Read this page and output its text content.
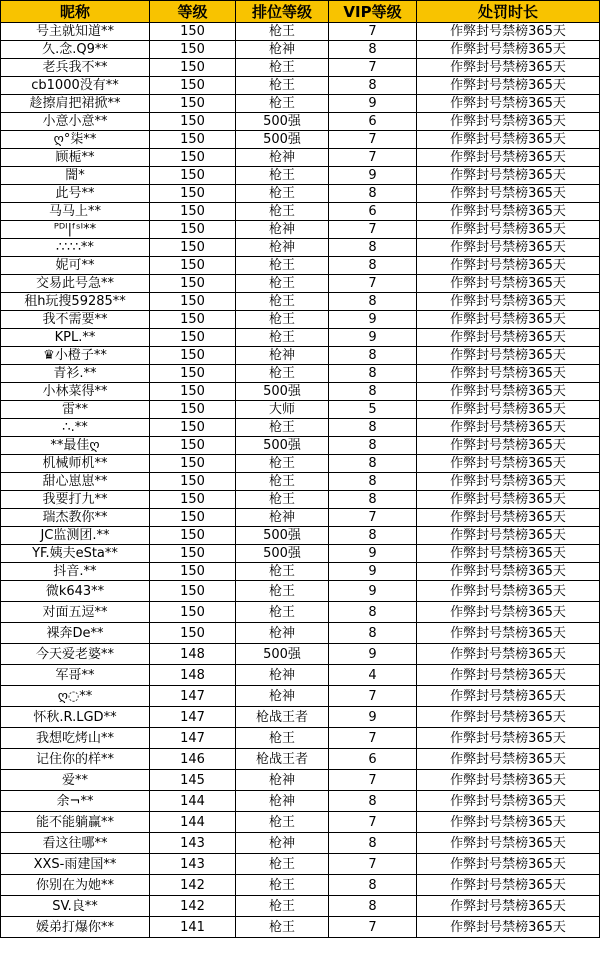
昵称	等级	排位等级	VIP等级	处罚时长
号主就知道**	150	枪王	7	作弊封号禁榜365天
久.念.Q9**	150	枪神	8	作弊封号禁榜365天
老兵我不**	150	枪王	7	作弊封号禁榜365天
cb1000没有**	150	枪王	8	作弊封号禁榜365天
趁擦肩把裙掀**	150	枪王	9	作弊封号禁榜365天
小意小意**	150	500强	6	作弊封号禁榜365天
ღ°柒**	150	500强	7	作弊封号禁榜365天
顾栀**	150	枪神	7	作弊封号禁榜365天
闇*	150	枪王	9	作弊封号禁榜365天
此号**	150	枪王	8	作弊封号禁榜365天
马马上**	150	枪王	6	作弊封号禁榜365天
ᴾᴰᴵ|ᶠˢᴵ**	150	枪神	7	作弊封号禁榜365天
∴∵∴**	150	枪神	8	作弊封号禁榜365天
妮可**	150	枪王	8	作弊封号禁榜365天
交易此号急**	150	枪王	7	作弊封号禁榜365天
租h玩搜59285**	150	枪王	8	作弊封号禁榜365天
我不需要**	150	枪王	9	作弊封号禁榜365天
KPL.**	150	枪王	9	作弊封号禁榜365天
♛小橙子**	150	枪神	8	作弊封号禁榜365天
青衫.**	150	枪王	8	作弊封号禁榜365天
小林菜得**	150	500强	8	作弊封号禁榜365天
雷**	150	大师	5	作弊封号禁榜365天
∴.**	150	枪王	8	作弊封号禁榜365天
**最佳ღ	150	500强	8	作弊封号禁榜365天
机械师机**	150	枪王	8	作弊封号禁榜365天
甜心崽崽**	150	枪王	8	作弊封号禁榜365天
我要打九**	150	枪王	8	作弊封号禁榜365天
瑞杰教你**	150	枪神	7	作弊封号禁榜365天
JC监测团.**	150	500强	8	作弊封号禁榜365天
YF.姨夫eSta**	150	500强	9	作弊封号禁榜365天
抖音.**	150	枪王	9	作弊封号禁榜365天
微k643**	150	枪王	9	作弊封号禁榜365天
对面五逗**	150	枪王	8	作弊封号禁榜365天
裸奔De**	150	枪神	8	作弊封号禁榜365天
今天爱老婆**	148	500强	9	作弊封号禁榜365天
军哥**	148	枪神	4	作弊封号禁榜365天
ღ◌**	147	枪神	7	作弊封号禁榜365天
怀秋.R.LGD**	147	枪战王者	9	作弊封号禁榜365天
我想吃烤山**	147	枪王	7	作弊封号禁榜365天
记住你的样**	146	枪战王者	6	作弊封号禁榜365天
爱**	145	枪神	7	作弊封号禁榜365天
余¬**	144	枪神	8	作弊封号禁榜365天
能不能躺赢**	144	枪王	7	作弊封号禁榜365天
看这往哪**	143	枪神	8	作弊封号禁榜365天
XXS-雨建国**	143	枪王	7	作弊封号禁榜365天
你别在为她**	142	枪王	8	作弊封号禁榜365天
SV.良**	142	枪王	8	作弊封号禁榜365天
媛弟打爆你**	141	枪王	7	作弊封号禁榜365天
